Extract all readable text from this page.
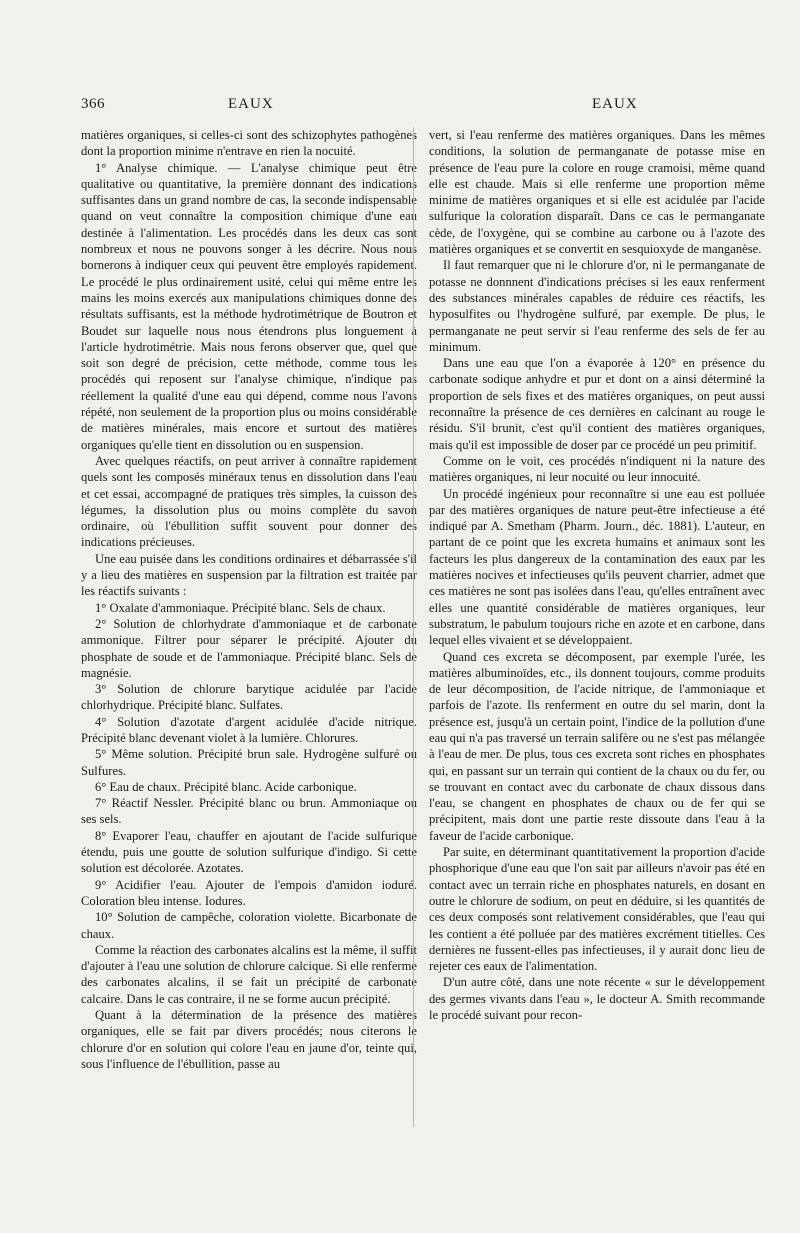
366	EAUX	EAUX

matières organiques, si celles-ci sont des schizophytes pathogènes dont la proportion minime n'entrave en rien la nocuité.

1° Analyse chimique. — L'analyse chimique peut être qualitative ou quantitative, la première donnant des indications suffisantes dans un grand nombre de cas, la seconde indispensable quand on veut connaître la composition chimique d'une eau destinée à l'alimentation. Les procédés dans les deux cas sont nombreux et nous ne pouvons songer à les décrire. Nous nous bornerons à indiquer ceux qui peuvent être employés rapidement. Le procédé le plus ordinairement usité, celui qui même entre les mains les moins exercés aux manipulations chimiques donne des résultats suffisants, est la méthode hydrotimétrique de Boutron et Boudet sur laquelle nous nous étendrons plus longuement à l'article hydrotimétrie. Mais nous ferons observer que, quel que soit son degré de précision, cette méthode, comme tous les procédés qui reposent sur l'analyse chimique, n'indique pas réellement la qualité d'une eau qui dépend, comme nous l'avons répété, non seulement de la proportion plus ou moins considérable de matières minérales, mais encore et surtout des matières organiques qu'elle tient en dissolution ou en suspension.

Avec quelques réactifs, on peut arriver à connaître rapidement quels sont les composés minéraux tenus en dissolution dans l'eau et cet essai, accompagné de pratiques très simples, la cuisson des légumes, la dissolution plus ou moins complète du savon ordinaire, où l'ébullition suffit souvent pour donner des indications précieuses.

Une eau puisée dans les conditions ordinaires et débarrassée s'il y a lieu des matières en suspension par la filtration est traitée par les réactifs suivants :

1° Oxalate d'ammoniaque. Précipité blanc. Sels de chaux.

2° Solution de chlorhydrate d'ammoniaque et de carbonate ammonique. Filtrer pour séparer le précipité. Ajouter du phosphate de soude et de l'ammoniaque. Précipité blanc. Sels de magnésie.

3° Solution de chlorure barytique acidulée par l'acide chlorhydrique. Précipité blanc. Sulfates.

4° Solution d'azotate d'argent acidulée d'acide nitrique. Précipité blanc devenant violet à la lumière. Chlorures.

5° Même solution. Précipité brun sale. Hydrogène sulfuré ou Sulfures.

6° Eau de chaux. Précipité blanc. Acide carbonique.

7° Réactif Nessler. Précipité blanc ou brun. Ammoniaque ou ses sels.

8° Evaporer l'eau, chauffer en ajoutant de l'acide sulfurique étendu, puis une goutte de solution sulfurique d'indigo. Si cette solution est décolorée. Azotates.

9° Acidifier l'eau. Ajouter de l'empois d'amidon ioduré. Coloration bleu intense. Iodures.

10° Solution de campêche, coloration violette. Bicarbonate de chaux.

Comme la réaction des carbonates alcalins est la même, il suffit d'ajouter à l'eau une solution de chlorure calcique. Si elle renferme des carbonates alcalins, il se fait un précipité de carbonate calcaire. Dans le cas contraire, il ne se forme aucun précipité.

Quant à la détermination de la présence des matières organiques, elle se fait par divers procédés; nous citerons le chlorure d'or en solution qui colore l'eau en jaune d'or, teinte qui, sous l'influence de l'ébullition, passe au

vert, si l'eau renferme des matières organiques. Dans les mêmes conditions, la solution de permanganate de potasse mise en présence de l'eau pure la colore en rouge cramoisi, même quand elle est chaude. Mais si elle renferme une proportion même minime de matières organiques et si elle est acidulée par l'acide sulfurique la coloration disparaît. Dans ce cas le permanganate cède, de l'oxygène, qui se combine au carbone ou à l'azote des matières organiques et se convertit en sesquioxyde de manganèse.

Il faut remarquer que ni le chlorure d'or, ni le permanganate de potasse ne donnnent d'indications précises si les eaux renferment des substances minérales capables de réduire ces réactifs, les hyposulfites ou l'hydrogène sulfuré, par exemple. De plus, le permanganate ne peut servir si l'eau renferme des sels de fer au minimum.

Dans une eau que l'on a évaporée à 120° en présence du carbonate sodique anhydre et pur et dont on a ainsi déterminé la proportion de sels fixes et des matières organiques, on peut aussi reconnaître la présence de ces dernières en calcinant au rouge le résidu. S'il brunit, c'est qu'il contient des matières organiques, mais qu'il est impossible de doser par ce procédé un peu primitif.

Comme on le voit, ces procédés n'indiquent ni la nature des matières organiques, ni leur nocuité ou leur innocuité.

Un procédé ingénieux pour reconnaître si une eau est polluée par des matières organiques de nature peut-être infectieuse a été indiqué par A. Smetham (Pharm. Journ., déc. 1881). L'auteur, en partant de ce point que les excreta humains et animaux sont les facteurs les plus dangereux de la contamination des eaux par les matières nocives et infectieuses qu'ils peuvent charrier, admet que ces matières ne sont pas isolées dans l'eau, qu'elles entraînent avec elles une quantité considérable de matières organiques, leur substratum, le pabulum toujours riche en azote et en carbone, dans lequel elles vivaient et se développaient.

Quand ces excreta se décomposent, par exemple l'urée, les matières albuminoïdes, etc., ils donnent toujours, comme produits de leur décomposition, de l'acide nitrique, de l'ammoniaque et parfois de l'azote. Ils renferment en outre du sel marin, dont la présence est, jusqu'à un certain point, l'indice de la pollution d'une eau qui n'a pas traversé un terrain salifère ou ne s'est pas mélangée à l'eau de mer. De plus, tous ces excreta sont riches en phosphates qui, en passant sur un terrain qui contient de la chaux ou du fer, ou se trouvant en contact avec du carbonate de chaux dissous dans l'eau, se changent en phosphates de chaux ou de fer qui se précipitent, mais dont une partie reste dissoute dans l'eau à la faveur de l'acide carbonique.

Par suite, en déterminant quantitativement la proportion d'acide phosphorique d'une eau que l'on sait par ailleurs n'avoir pas été en contact avec un terrain riche en phosphates naturels, en dosant en outre le chlorure de sodium, on peut en déduire, si les quantités de ces deux composés sont relativement considérables, que l'eau qui les contient a été polluée par des matières excrément titielles. Ces dernières ne fussent-elles pas infectieuses, il y aurait donc lieu de rejeter ces eaux de l'alimentation.

D'un autre côté, dans une note récente « sur le développement des germes vivants dans l'eau », le docteur A. Smith recommande le procédé suivant pour recon-
